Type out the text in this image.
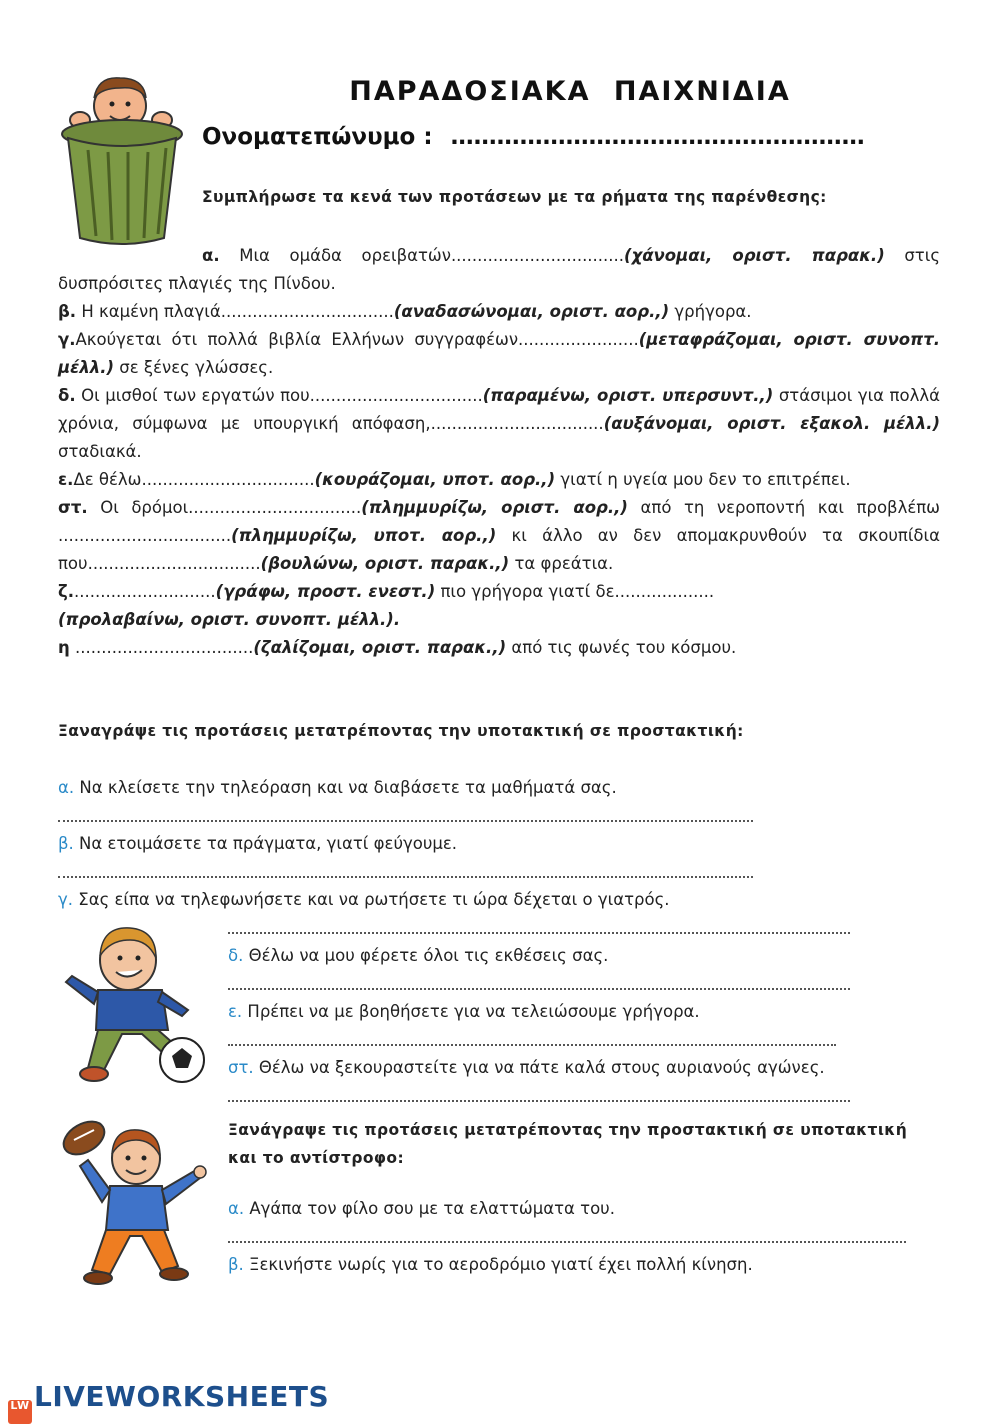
ΠΑΡΑΔΟΣΙΑΚΑ ΠΑΙΧΝΙΔΙΑ
Ονοματεπώνυμο : ………………………………………………
Συμπλήρωσε τα κενά των προτάσεων με τα ρήματα της παρένθεσης:
α. Μια ομάδα ορειβατών.................................(χάνομαι, οριστ. παρακ.) στις δυσπρόσιτες πλαγιές της Πίνδου.
β. Η καμένη πλαγιά.................................(αναδασώνομαι, οριστ. αορ.,) γρήγορα.
γ.Ακούγεται ότι πολλά βιβλία Ελλήνων συγγραφέων.......................(μεταφράζομαι, οριστ. συνοπτ. μέλλ.) σε ξένες γλώσσες.
δ. Οι μισθοί των εργατών που.................................(παραμένω, οριστ. υπερσυντ.,) στάσιμοι για πολλά χρόνια, σύμφωνα με υπουργική απόφαση,.................................(αυξάνομαι, οριστ. εξακολ. μέλλ.) σταδιακά.
ε.Δε θέλω.................................(κουράζομαι, υποτ. αορ.,) γιατί η υγεία μου δεν το επιτρέπει.
στ. Οι δρόμοι.................................(πλημμυρίζω, οριστ. αορ.,) από τη νεροποντή και προβλέπω .................................(πλημμυρίζω, υποτ. αορ.,) κι άλλο αν δεν απομακρυνθούν τα σκουπίδια που.................................(βουλώνω, οριστ. παρακ.,) τα φρεάτια.
ζ............................(γράφω, προστ. ενεστ.) πιο γρήγορα γιατί δε...................
(προλαβαίνω, οριστ. συνοπτ. μέλλ.).
η ..................................(ζαλίζομαι, οριστ. παρακ.,) από τις φωνές του κόσμου.
Ξαναγράψε τις προτάσεις μετατρέποντας την υποτακτική σε προστακτική:
α. Να κλείσετε την τηλεόραση και να διαβάσετε τα μαθήματά σας.
β. Να ετοιμάσετε τα πράγματα, γιατί φεύγουμε.
γ. Σας είπα να τηλεφωνήσετε και να ρωτήσετε τι ώρα δέχεται ο γιατρός.
δ. Θέλω να μου φέρετε όλοι τις εκθέσεις σας.
ε. Πρέπει να με βοηθήσετε για να τελειώσουμε γρήγορα.
στ. Θέλω να ξεκουραστείτε για να πάτε καλά στους αυριανούς αγώνες.
Ξανάγραψε τις προτάσεις μετατρέποντας την προστακτική σε υποτακτική
και το αντίστροφο:
α. Αγάπα τον φίλο σου με τα ελαττώματα του.
β. Ξεκινήστε νωρίς για το αεροδρόμιο γιατί έχει πολλή κίνηση.
LW LIVEWORKSHEETS
